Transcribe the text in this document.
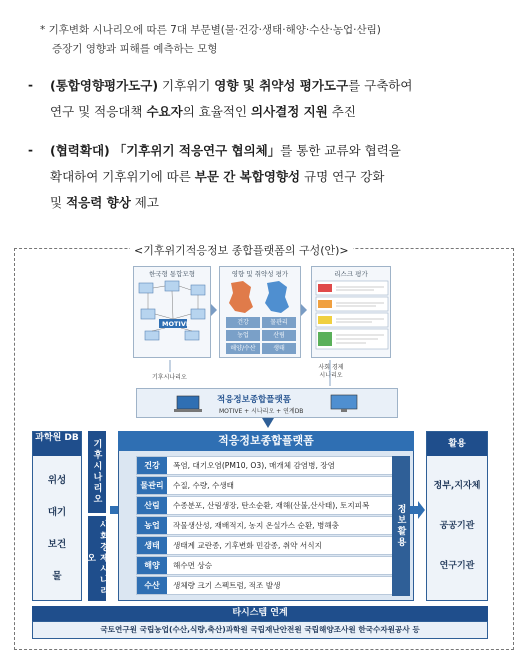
* 기후변화 시나리오에 따른 7대 부문별(물·건강·생태·해양·수산·농업·산림)
증장기 영향과 피해를 예측하는 모형
- (통합영향평가도구) 기후위기 영향 및 취약성 평가도구를 구축하여
연구 및 적응대책 수요자의 효율적인 의사결정 지원 추진
- (협력확대) 「기후위기 적응연구 협의체」를 통한 교류와 협력을
확대하여 기후위기에 따른 부문 간 복합영향성 규명 연구 강화
및 적응력 향상 제고
<기후위기적응정보 종합플랫폼의 구성(안)>
한국형 통합모형
MOTIVE
영향 및 취약성 평가
건강	물관리
농업	산림
해양/수산	생태
리스크 평가
기후시나리오
사회 경제 시나리오
적응정보종합플랫폼
MOTIVE + 시나리오 + 연계DB
과학원 DB
위성
대기
보건
물
기후시나리오
사회경제시나리오
적응정보종합플랫폼
건강	폭염, 대기오염(PM10, O3), 매개체 감염병, 장염
물관리	수질, 수량, 수생태
산림	수종분포, 산림생장, 탄소순환, 재해(산불,산사태), 토지피복
농업	작물생산성, 재배적지, 농지 온실가스 순환, 병해충
생태	생태계 교란종, 기후변화 민감종, 취약 서식지
해양	해수면 상승
수산	생체량 크기 스펙트럼, 적조 발생
정보활용
활용
정부,지자체
공공기관
연구기관
타시스템 연계
국토연구원 국립농업(수산,식량,축산)과학원 국립재난안전원 국립해양조사원 한국수자원공사 등
